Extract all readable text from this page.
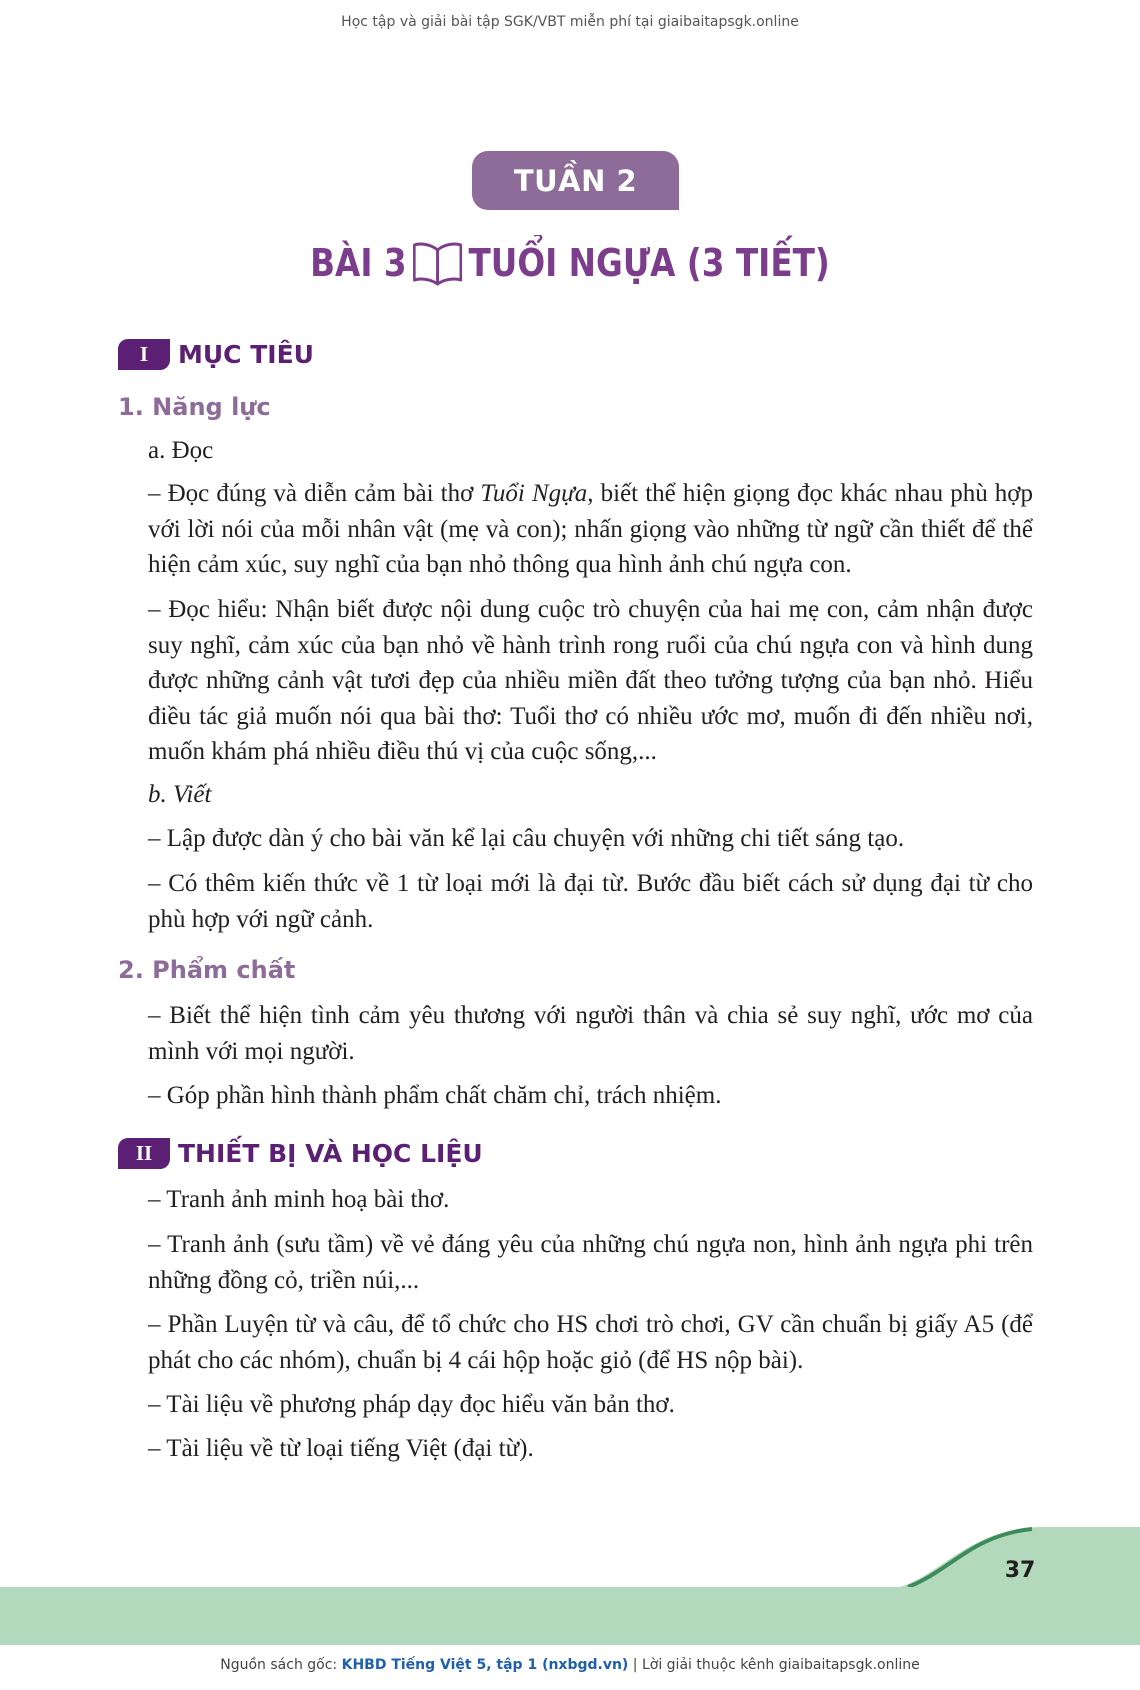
Học tập và giải bài tập SGK/VBT miễn phí tại giaibaitapsgk.online
TUẦN 2
BÀI 3 TUỔI NGỰA (3 TIẾT)
I	MỤC TIÊU
1. Năng lực

a. Đọc

– Đọc đúng và diễn cảm bài thơ Tuổi Ngựa, biết thể hiện giọng đọc khác nhau phù hợp với lời nói của mỗi nhân vật (mẹ và con); nhấn giọng vào những từ ngữ cần thiết để thể hiện cảm xúc, suy nghĩ của bạn nhỏ thông qua hình ảnh chú ngựa con.

– Đọc hiểu: Nhận biết được nội dung cuộc trò chuyện của hai mẹ con, cảm nhận được suy nghĩ, cảm xúc của bạn nhỏ về hành trình rong ruổi của chú ngựa con và hình dung được những cảnh vật tươi đẹp của nhiều miền đất theo tưởng tượng của bạn nhỏ. Hiểu điều tác giả muốn nói qua bài thơ: Tuổi thơ có nhiều ước mơ, muốn đi đến nhiều nơi, muốn khám phá nhiều điều thú vị của cuộc sống,...

b. Viết

– Lập được dàn ý cho bài văn kể lại câu chuyện với những chi tiết sáng tạo.

– Có thêm kiến thức về 1 từ loại mới là đại từ. Bước đầu biết cách sử dụng đại từ cho phù hợp với ngữ cảnh.

2. Phẩm chất

– Biết thể hiện tình cảm yêu thương với người thân và chia sẻ suy nghĩ, ước mơ của mình với mọi người.

– Góp phần hình thành phẩm chất chăm chỉ, trách nhiệm.

II	THIẾT BỊ VÀ HỌC LIỆU

– Tranh ảnh minh hoạ bài thơ.

– Tranh ảnh (sưu tầm) về vẻ đáng yêu của những chú ngựa non, hình ảnh ngựa phi trên những đồng cỏ, triền núi,...

– Phần Luyện từ và câu, để tổ chức cho HS chơi trò chơi, GV cần chuẩn bị giấy A5 (để phát cho các nhóm), chuẩn bị 4 cái hộp hoặc giỏ (để HS nộp bài).

– Tài liệu về phương pháp dạy đọc hiểu văn bản thơ.

– Tài liệu về từ loại tiếng Việt (đại từ).

37
Nguồn sách gốc: KHBD Tiếng Việt 5, tập 1 (nxbgd.vn) | Lời giải thuộc kênh giaibaitapsgk.online
